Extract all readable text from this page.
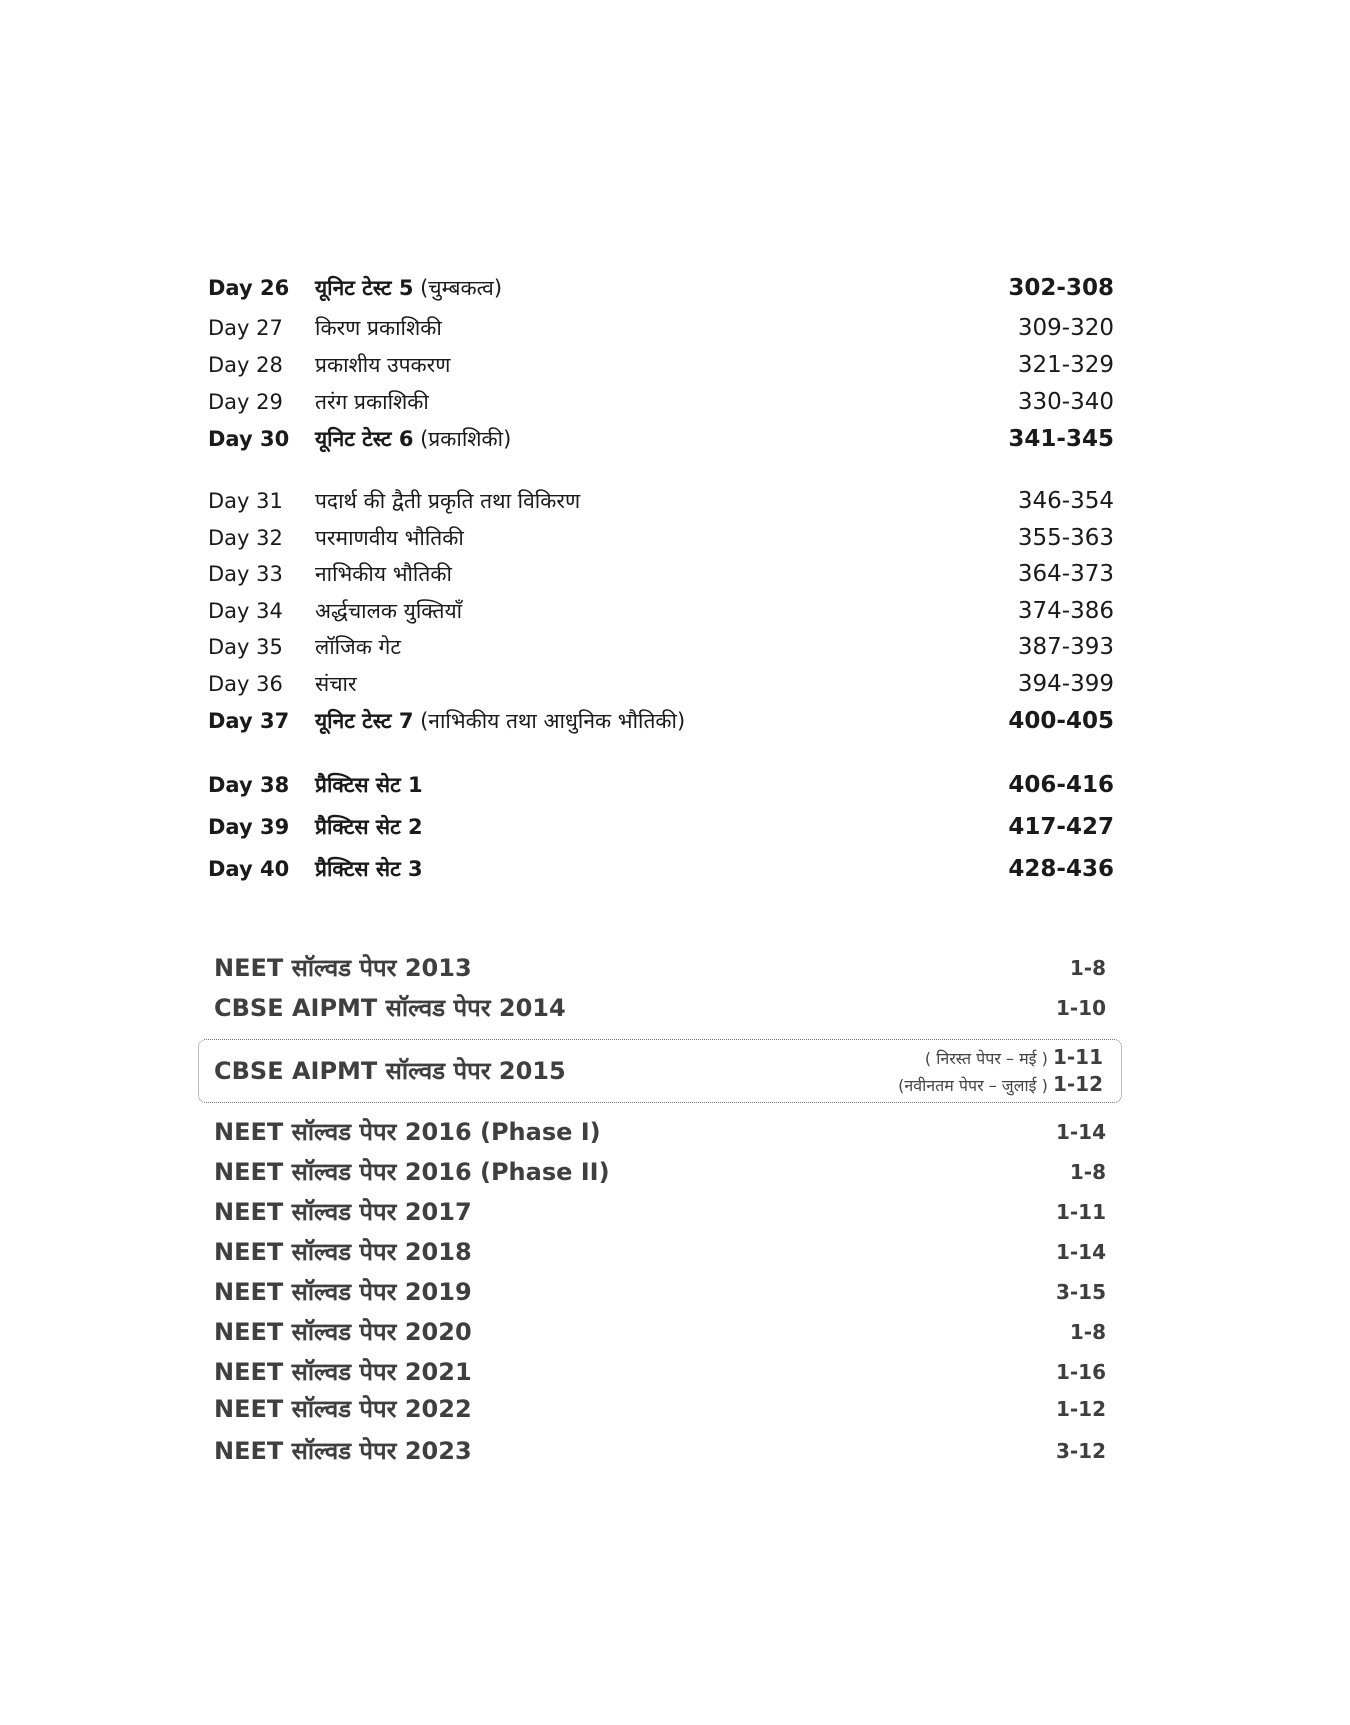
Day 26 यूनिट टेस्ट 5 (चुम्बकत्व)	302-308
Day 27 किरण प्रकाशिकी	309-320
Day 28 प्रकाशीय उपकरण	321-329
Day 29 तरंग प्रकाशिकी	330-340
Day 30 यूनिट टेस्ट 6 (प्रकाशिकी)	341-345
Day 31 पदार्थ की द्वैती प्रकृति तथा विकिरण	346-354
Day 32 परमाणवीय भौतिकी	355-363
Day 33 नाभिकीय भौतिकी	364-373
Day 34 अर्द्धचालक युक्तियाँ	374-386
Day 35 लॉजिक गेट	387-393
Day 36 संचार	394-399
Day 37 यूनिट टेस्ट 7 (नाभिकीय तथा आधुनिक भौतिकी)	400-405
Day 38 प्रैक्टिस सेट 1	406-416
Day 39 प्रैक्टिस सेट 2	417-427
Day 40 प्रैक्टिस सेट 3	428-436
NEET सॉल्वड पेपर 2013	1-8
CBSE AIPMT सॉल्वड पेपर 2014	1-10
CBSE AIPMT सॉल्वड पेपर 2015	( निरस्त पेपर – मई ) 1-11
(नवीनतम पेपर – जुलाई ) 1-12
NEET सॉल्वड पेपर 2016 (Phase I)	1-14
NEET सॉल्वड पेपर 2016 (Phase II)	1-8
NEET सॉल्वड पेपर 2017	1-11
NEET सॉल्वड पेपर 2018	1-14
NEET सॉल्वड पेपर 2019	3-15
NEET सॉल्वड पेपर 2020	1-8
NEET सॉल्वड पेपर 2021	1-16
NEET सॉल्वड पेपर 2022	1-12
NEET सॉल्वड पेपर 2023	3-12
